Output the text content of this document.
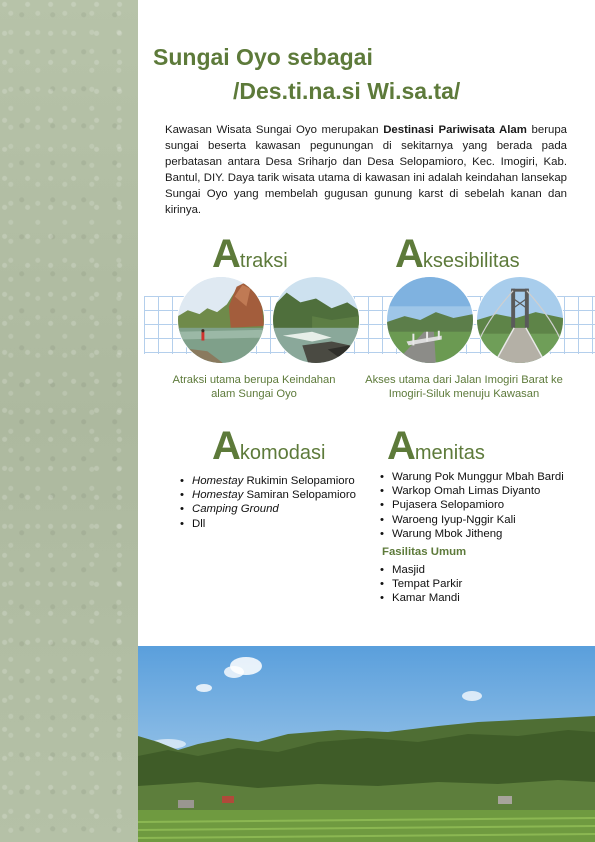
Sungai Oyo sebagai
/Des.ti.na.si Wi.sa.ta/

Kawasan Wisata Sungai Oyo merupakan Destinasi Pariwisata Alam berupa sungai beserta kawasan pegunungan di sekitarnya yang berada pada perbatasan antara Desa Sriharjo dan Desa Selopamioro, Kec. Imogiri, Kab. Bantul, DIY. Daya tarik wisata utama di kawasan ini adalah keindahan lansekap Sungai Oyo yang membelah gugusan gunung karst di sebelah kanan dan kirinya.

Atraksi	Aksesibilitas
Atraksi utama berupa Keindahan alam Sungai Oyo
Akses utama dari Jalan Imogiri Barat ke Imogiri-Siluk menuju Kawasan
Akomodasi Amenitas
• Homestay Rukimin Selopamioro
• Homestay Samiran Selopamioro
• Camping Ground
• Dll
• Warung Pok Munggur Mbah Bardi
• Warkop Omah Limas Diyanto
• Pujasera Selopamioro
• Waroeng Iyup-Nggir Kali
• Warung Mbok Jitheng
Fasilitas Umum
• Masjid
• Tempat Parkir
• Kamar Mandi
